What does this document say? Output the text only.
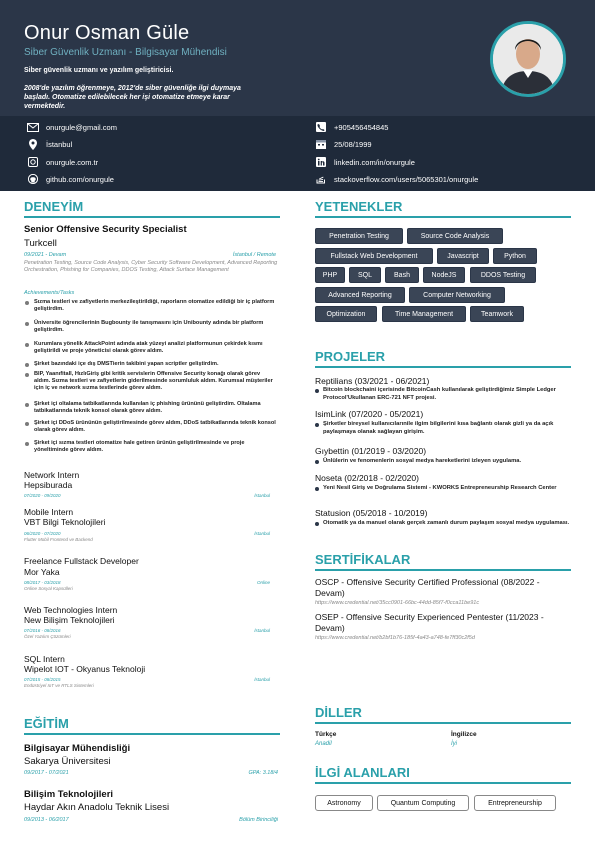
Onur Osman Güle
Siber Güvenlik Uzmanı - Bilgisayar Mühendisi
Siber güvenlik uzmanı ve yazılım geliştiricisi.
2008'de yazılım öğrenmeye, 2012'de siber güvenliğe ilgi duymaya başladı. Otomatize edilebilecek her işi otomatize etmeye karar vermektedir.
onurgule@gmail.com	+905456454845
İstanbul	25/08/1999
onurgule.com.tr	linkedin.com/in/onurgule
github.com/onurgule	stackoverflow.com/users/5065301/onurgule
DENEYİM
Senior Offensive Security Specialist
Turkcell
09/2021 - Devam	İstanbul / Remote
Penetration Testing, Source Code Analysis, Cyber Security Software Development, Advanced Reporting Orchestration, Phishing for Companies, DDOS Testing, Attack Surface Management
Achievements/Tasks
Sızma testleri ve zafiyetlerin merkezileştirildiği, raporların otomatize edildiği bir iç platform geliştirdim.
Üniversite öğrencilerinin Bugbounty ile tanışmasını için Unibounty adında bir platform geliştirdim.
Kurumlara yönelik AttackPoint adında atak yüzeyi analizi platformunun çekirdek kısmı geliştirildi ve proje yöneticisi olarak görev aldım.
Şirket bazındaki içe dış DMSTierin takibini yapan scriptler geliştirdim.
BIP, Yaanıfitall, HızlıGiriş gibi kritik servislerin Offensive Security konağı olarak görev aldım. Sızma testleri ve zafiyetlerin giderilmesinde sorumluluk aldım. Kurumsal müşteriler için iç ve network sızma testlerinde görev aldım.
Şirket içi oltalama tatbikatlarında kullanılan iç phishing ürününü geliştirdim. Oltalama tatbikatlarında teknik konsol olarak görev aldım.
Şirket içi DDoS ürününün geliştirilmesinde görev aldım, DDoS tatbikatlarında teknik konsol olarak görev aldım.
Şirket içi sızma testleri otomatize hale getiren ürünün geliştirilmesinde ve proje yöneltiminde görev aldım.
Network Intern
Hepsiburada
07/2020 - 09/2020	İstanbul
Mobile Intern
VBT Bilgi Teknolojileri
06/2020 - 07/2020	İstanbul
Flutter Mobil Frontend ve Backend
Freelance Fullstack Developer
Mor Yaka
08/2017 - 03/2018	Online
Online Sosyal Kapsülleri
Web Technologies Intern
New Bilişim Teknolojileri
07/2016 - 08/2016	İstanbul
Özel Yazılım Çözümleri
SQL Intern
Wipelot IOT - Okyanus Teknoloji
07/2015 - 08/2015	İstanbul
Endüstriyel IoT ve RTLS Sistemleri
EĞİTİM
Bilgisayar Mühendisliği
Sakarya Üniversitesi
09/2017 - 07/2021	GPA: 3.18/4
Bilişim Teknolojileri
Haydar Akın Anadolu Teknik Lisesi
09/2013 - 06/2017	Bölüm Birinciliği
YETENEKLER
Penetration Testing	Source Code Analysis
Fullstack Web Development	Javascript	Python
PHP	SQL	Bash	NodeJS	DDOS Testing
Advanced Reporting	Computer Networking
Optimization	Time Management	Teamwork
PROJELER
Reptilians (03/2021 - 06/2021)
Bitcoin blockchaini içerisinde BitcoinCash kullanılarak geliştirdiğimiz Simple Ledger Protocol'Ukullanan ERC-721 NFT projesi.
IsimLink (07/2020 - 05/2021)
Şirketler bireysel kullanıcılarınile ilgim bilgilerini kısa bağlantı olarak gizli ya da açık paylaşmaya olanak sağlayan girişim.
Gıybettin (01/2019 - 03/2020)
Ünlülerin ve fenomenlerin sosyal medya hareketlerini izleyen uygulama.
Noseta (02/2018 - 02/2020)
Yeni Nesil Giriş ve Doğrulama Sistemi - KWORKS Entrepreneurship Research Center
Statusion (05/2018 - 10/2019)
Otomatik ya da manuel olarak gerçek zamanlı durum paylaşım sosyal medya uygulaması.
SERTİFİKALAR
OSCP - Offensive Security Certified Professional (08/2022 - Devam)
https://www.credential.net/35cc0901-66bc-44dd-85f7-f0cca11be91c
OSEP - Offensive Security Experienced Pentester (11/2023 - Devam)
https://www.credential.net/b2bf1b76-185f-4a43-a748-fe7ff30c2f5d
DİLLER
Türkçe
Anadil
İngilizce
İyi
İLGİ ALANLARI
Astronomy	Quantum Computing	Entrepreneurship
